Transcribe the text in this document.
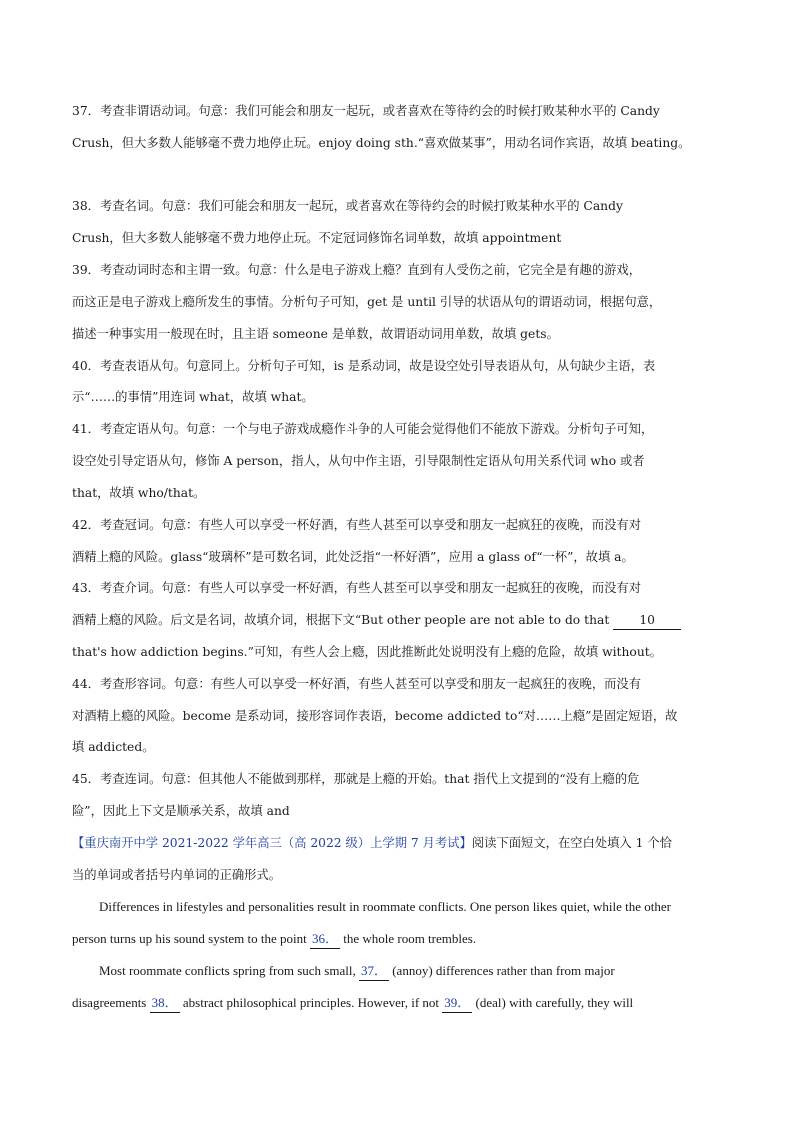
37．考查非谓语动词。句意：我们可能会和朋友一起玩，或者喜欢在等待约会的时候打败某种水平的 Candy
Crush，但大多数人能够毫不费力地停止玩。enjoy doing sth.“喜欢做某事”，用动名词作宾语，故填 beating。
38．考查名词。句意：我们可能会和朋友一起玩，或者喜欢在等待约会的时候打败某种水平的 Candy
Crush，但大多数人能够毫不费力地停止玩。不定冠词修饰名词单数，故填 appointment
39．考查动词时态和主谓一致。句意：什么是电子游戏上瘾？直到有人受伤之前，它完全是有趣的游戏，
而这正是电子游戏上瘾所发生的事情。分析句子可知，get 是 until 引导的状语从句的谓语动词，根据句意，
描述一种事实用一般现在时，且主语 someone 是单数，故谓语动词用单数，故填 gets。
40．考查表语从句。句意同上。分析句子可知，is 是系动词，故是设空处引导表语从句，从句缺少主语，表
示“……的事情”用连词 what，故填 what。
41．考查定语从句。句意：一个与电子游戏成瘾作斗争的人可能会觉得他们不能放下游戏。分析句子可知，
设空处引导定语从句，修饰 A person，指人，从句中作主语，引导限制性定语从句用关系代词 who 或者
that，故填 who/that。
42．考查冠词。句意：有些人可以享受一杯好酒，有些人甚至可以享受和朋友一起疯狂的夜晚，而没有对
酒精上瘾的风险。glass“玻璃杯”是可数名词，此处泛指“一杯好酒”，应用 a glass of“一杯”，故填 a。
43．考查介词。句意：有些人可以享受一杯好酒，有些人甚至可以享受和朋友一起疯狂的夜晚，而没有对
酒精上瘾的风险。后文是名词，故填介词，根据下文“But other people are not able to do that 10
that's how addiction begins.”可知，有些人会上瘾，因此推断此处说明没有上瘾的危险，故填 without。
44．考查形容词。句意：有些人可以享受一杯好酒，有些人甚至可以享受和朋友一起疯狂的夜晚，而没有
对酒精上瘾的风险。become 是系动词，接形容词作表语，become addicted to“对……上瘾”是固定短语，故
填 addicted。
45．考查连词。句意：但其他人不能做到那样，那就是上瘾的开始。that 指代上文提到的“没有上瘾的危
险”，因此上下文是顺承关系，故填 and
【重庆南开中学 2021-2022 学年高三（高 2022 级）上学期 7 月考试】阅读下面短文，在空白处填入 1 个恰
当的单词或者括号内单词的正确形式。
Differences in lifestyles and personalities result in roommate conflicts. One person likes quiet, while the other
person turns up his sound system to the point 36． the whole room trembles.
Most roommate conflicts spring from such small, 37． (annoy) differences rather than from major
disagreements 38． abstract philosophical principles. However, if not 39． (deal) with carefully, they will
